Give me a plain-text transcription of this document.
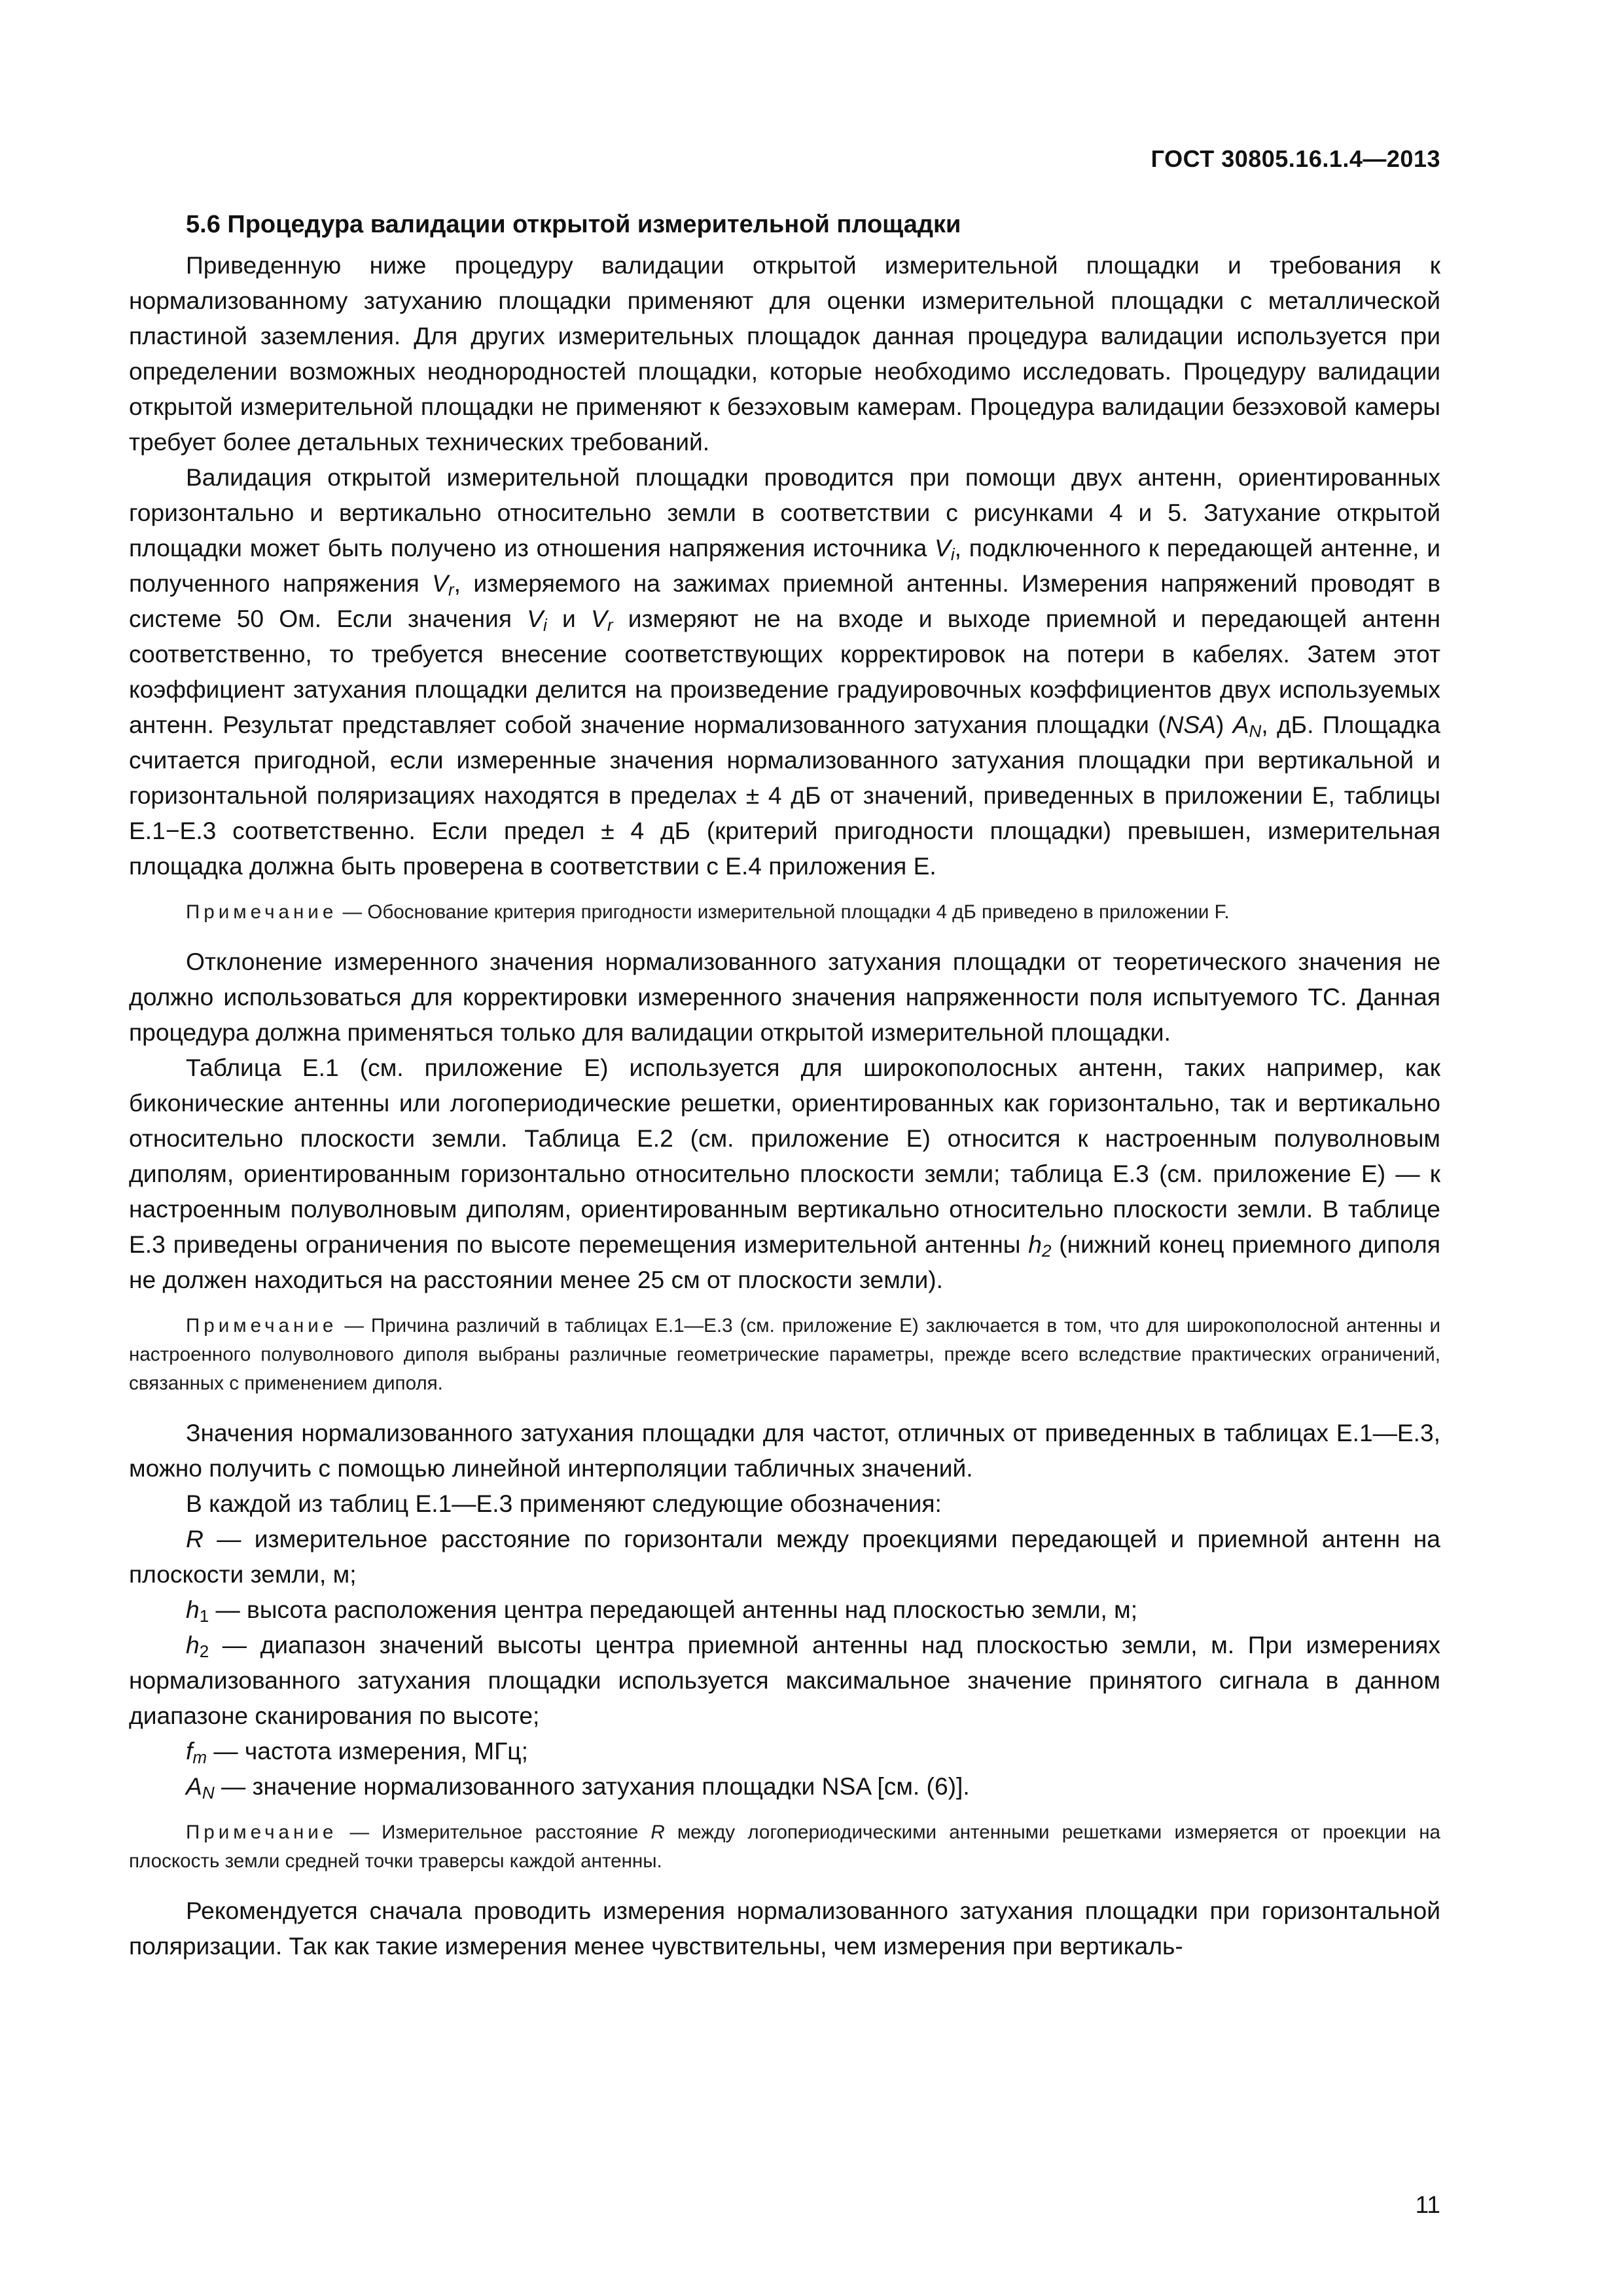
ГОСТ 30805.16.1.4—2013
5.6 Процедура валидации открытой измерительной площадки

Приведенную ниже процедуру валидации открытой измерительной площадки и требования к нормализованному затуханию площадки применяют для оценки измерительной площадки с металлической пластиной заземления. Для других измерительных площадок данная процедура валидации используется при определении возможных неоднородностей площадки, которые необходимо исследовать. Процедуру валидации открытой измерительной площадки не применяют к безэховым камерам. Процедура валидации безэховой камеры требует более детальных технических требований.

Валидация открытой измерительной площадки проводится при помощи двух антенн, ориентированных горизонтально и вертикально относительно земли в соответствии с рисунками 4 и 5. Затухание открытой площадки может быть получено из отношения напряжения источника $V_i$, подключенного к передающей антенне, и полученного напряжения $V_r$, измеряемого на зажимах приемной антенны. Измерения напряжений проводят в системе 50 Ом. Если значения $V_i$ и $V_r$ измеряют не на входе и выходе приемной и передающей антенн соответственно, то требуется внесение соответствующих корректировок на потери в кабелях. Затем этот коэффициент затухания площадки делится на произведение градуировочных коэффициентов двух используемых антенн. Результат представляет собой значение нормализованного затухания площадки (NSA) $A_N$, дБ. Площадка считается пригодной, если измеренные значения нормализованного затухания площадки при вертикальной и горизонтальной поляризациях находятся в пределах ± 4 дБ от значений, приведенных в приложении Е, таблицы Е.1−Е.3 соответственно. Если предел ± 4 дБ (критерий пригодности площадки) превышен, измерительная площадка должна быть проверена в соответствии с Е.4 приложения Е.

Примечание — Обоснование критерия пригодности измерительной площадки 4 дБ приведено в приложении F.

Отклонение измеренного значения нормализованного затухания площадки от теоретического значения не должно использоваться для корректировки измеренного значения напряженности поля испытуемого ТС. Данная процедура должна применяться только для валидации открытой измерительной площадки.

Таблица Е.1 (см. приложение Е) используется для широкополосных антенн, таких например, как биконические антенны или логопериодические решетки, ориентированных как горизонтально, так и вертикально относительно плоскости земли. Таблица Е.2 (см. приложение Е) относится к настроенным полуволновым диполям, ориентированным горизонтально относительно плоскости земли; таблица Е.3 (см. приложение Е) — к настроенным полуволновым диполям, ориентированным вертикально относительно плоскости земли. В таблице Е.3 приведены ограничения по высоте перемещения измерительной антенны $h_2$ (нижний конец приемного диполя не должен находиться на расстоянии менее 25 см от плоскости земли).

Примечание — Причина различий в таблицах Е.1—Е.3 (см. приложение Е) заключается в том, что для широкополосной антенны и настроенного полуволнового диполя выбраны различные геометрические параметры, прежде всего вследствие практических ограничений, связанных с применением диполя.

Значения нормализованного затухания площадки для частот, отличных от приведенных в таблицах Е.1—Е.3, можно получить с помощью линейной интерполяции табличных значений.

В каждой из таблиц Е.1—Е.3 применяют следующие обозначения:

R — измерительное расстояние по горизонтали между проекциями передающей и приемной антенн на плоскости земли, м;

$h_1$ — высота расположения центра передающей антенны над плоскостью земли, м;

$h_2$ — диапазон значений высоты центра приемной антенны над плоскостью земли, м. При измерениях нормализованного затухания площадки используется максимальное значение принятого сигнала в данном диапазоне сканирования по высоте;

$f_m$ — частота измерения, МГц;

$A_N$ — значение нормализованного затухания площадки NSA [см. (6)].

Примечание — Измерительное расстояние R между логопериодическими антенными решетками измеряется от проекции на плоскость земли средней точки траверсы каждой антенны.

Рекомендуется сначала проводить измерения нормализованного затухания площадки при горизонтальной поляризации. Так как такие измерения менее чувствительны, чем измерения при вертикаль-

11
